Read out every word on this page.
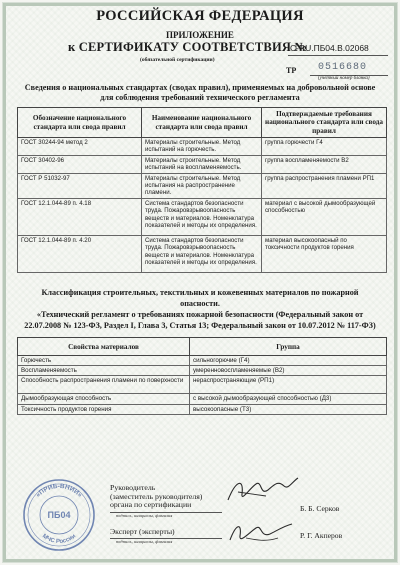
РОССИЙСКАЯ ФЕДЕРАЦИЯ
ПРИЛОЖЕНИЕ
к СЕРТИФИКАТУ СООТВЕТСТВИЯ №
C-RU.ПБ04.В.02068
(обязательной сертификации)
ТР 0516680
(учетный номер бланка)
Сведения о национальных стандартах (сводах правил), применяемых на добровольной основе для соблюдения требований технического регламента
Обозначение национального стандарта или свода правил	Наименование национального стандарта или свода правил	Подтверждаемые требования национального стандарта или свода правил
ГОСТ 30244-94 метод 2	Материалы строительные. Метод испытаний на горючесть.	группа горючести Г4
ГОСТ 30402-96	Материалы строительные. Метод испытаний на воспламеняемость.	группа воспламеняемости В2
ГОСТ Р 51032-97	Материалы строительные. Метод испытания на распространение пламени.	группа распространения пламени РП1
ГОСТ 12.1.044-89 п. 4.18	Система стандартов безопасности труда. Пожаровзрывоопасность веществ и материалов. Номенклатура показателей и методы их определения.	материал с высокой дымообразующей способностью
ГОСТ 12.1.044-89 п. 4.20	Система стандартов безопасности труда. Пожаровзрывоопасность веществ и материалов. Номенклатура показателей и методы их определения.	материал высокоопасный по токсичности продуктов горения
Классификация строительных, текстильных и кожевенных материалов по пожарной опасности.
«Технический регламент о требованиях пожарной безопасности (Федеральный закон от 22.07.2008 № 123-ФЗ, Раздел I, Глава 3, Статья 13; Федеральный закон от 10.07.2012 № 117-ФЗ)
Свойства материалов	Группа
Горючесть	сильногорючие (Г4)
Воспламеняемость	умеренновоспламеняемые (В2)
Способность распространения пламени по поверхности	нераспространяющие (РП1)
Дымообразующая способность	с высокой дымообразующей способностью (Д3)
Токсичность продуктов горения	высокоопасные (Т3)
«ПРИБ-ВНИИ»
МЧС России
ПБ04
Руководитель
(заместитель руководителя)
органа по сертификации
подпись, инициалы, фамилия
Б. Б. Серков
Эксперт (эксперты)
подпись, инициалы, фамилия
Р. Г. Акперов
